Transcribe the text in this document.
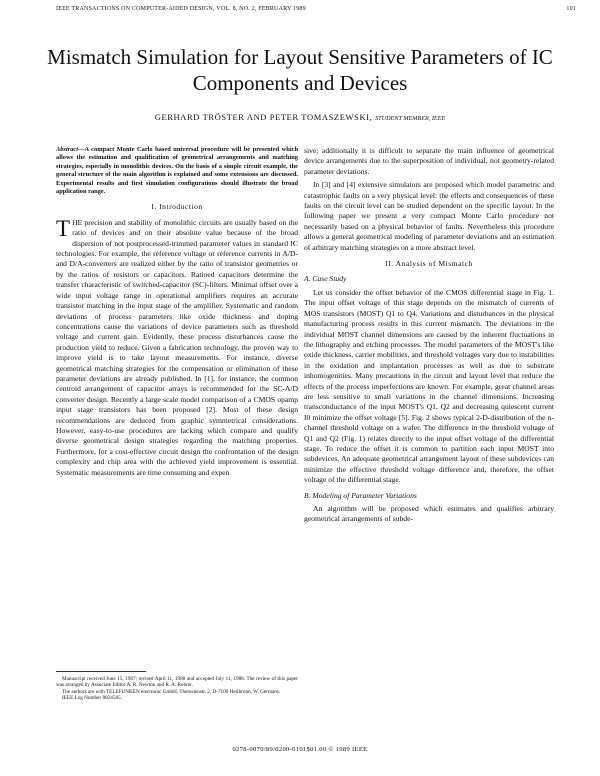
IEEE TRANSACTIONS ON COMPUTER-AIDED DESIGN, VOL. 8, NO. 2, FEBRUARY 1989	101
Mismatch Simulation for Layout Sensitive Parameters of IC Components and Devices
GERHARD TRÖSTER AND PETER TOMASZEWSKI, STUDENT MEMBER, IEEE
Abstract—A compact Monte Carlo based universal procedure will be presented which allows the estimation and qualification of geometrical arrangements and matching strategies, especially in monolithic devices. On the basis of a simple circuit example, the general structure of the main algorithm is explained and some extensions are discussed. Experimental results and first simulation configurations should illustrate the broad application range.
I. Introduction

THE precision and stability of monolithic circuits are usually based on the ratio of devices and on their absolute value because of the broad dispersion of not postprocessed-trimmed parameter values in standard IC technologies. For example, the reference voltage or reference currents in A/D- and D/A-converters are realized either by the ratio of transistor geometries or by the ratios of resistors or capacitors. Ratioed capacitors determine the transfer characteristic of switched-capacitor (SC)-filters. Minimal offset over a wide input voltage range in operational amplifiers requires an accurate transistor matching in the input stage of the amplifier. Systematic and random deviations of process parameters like oxide thickness and doping concentrations cause the variations of device parameters such as threshold voltage and current gain. Evidently, these process disturbances cause the production yield to reduce. Given a fabrication technology, the proven way to improve yield is to take layout measurements. For instance, diverse geometrical matching strategies for the compensation or elimination of these parameter deviations are already published. In [1], for instance, the common centroid arrangement of capacitor arrays is recommended for the SC-A/D converter design. Recently a large scale model comparison of a CMOS opamp input stage transistors has been proposed [2]. Most of these design recommendations are deduced from graphic symmetrical considerations. However, easy-to-use procedures are lacking which compare and qualify diverse geometrical design strategies regarding the matching properties. Furthermore, for a cost-effective circuit design the confrontation of the design complexity and chip area with the achieved yield improvement is essential. Systematic measurements are time consuming and expen

Manuscript received June 15, 1987; revised April 11, 1988 and accepted July 11, 1988. The review of this paper was arranged by Associate Editor A. R. Newton and R. A. Rohrer.

The authors are with TELEFUNKEN electronic GmbH, Theresienstr. 2, D-7100 Heilbronn, W. Germany.

IEEE Log Number 8824585.

sive; additionally it is difficult to separate the main influence of geometrical device arrangements due to the superposition of individual, not geometry-related parameter deviations.

In [3] and [4] extensive simulators are proposed which model parametric and catastrophic faults on a very physical level: the effects and consequences of these faults on the circuit level can be studied dependent on the specific layout. In the following paper we present a very compact Monte Carlo procedure not necessarily based on a physical behavior of faults. Nevertheless this procedure allows a general geometrical modeling of parameter deviations and an estimation of arbitrary matching strategies on a more abstract level.

II. Analysis of Mismatch
A. Case Study

Let us consider the offset behavior of the CMOS differential stage in Fig. 1. The input offset voltage of this stage depends on the mismatch of currents of MOS transistors (MOST) Q1 to Q4. Variations and disturbances in the physical manufacturing process results in this current mismatch. The deviations in the individual MOST channel dimensions are caused by the inherent fluctuations in the lithography and etching processes. The model parameters of the MOST's like oxide thickness, carrier mobilities, and threshold voltages vary due to instabilities in the oxidation and implantation processes as well as due to substrate inhomogenities. Many precautions in the circuit and layout level that reduce the effects of the process imperfections are known. For example, great channel areas are less sensitive to small variations in the channel dimensions. Increasing transconductance of the input MOST's Q1, Q2 and decreasing quiescent current I0 minimize the offset voltage [5]. Fig. 2 shows typical 2-D-distribution of the n-channel threshold voltage on a wafer. The difference in the threshold voltage of Q1 and Q2 (Fig. 1) relates directly to the input offset voltage of the differential stage. To reduce the offset it is common to partition each input MOST into subdevices. An adequate geometrical arrangement layout of these subdevices can minimize the effective threshold voltage difference and, therefore, the offset voltage of the differential stage.

B. Modeling of Parameter Variations

An algorithm will be proposed which estimates and qualifies arbitrary geometrical arrangements of subde-

0278-0070/89/0200-0101$01.00 © 1989 IEEE
